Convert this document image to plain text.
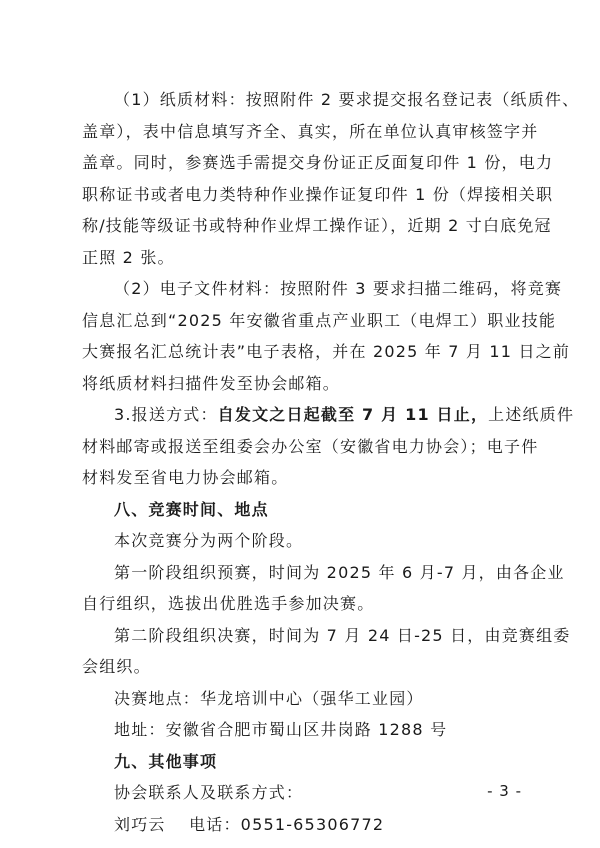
（1）纸质材料：按照附件 2 要求提交报名登记表（纸质件、
盖章），表中信息填写齐全、真实，所在单位认真审核签字并
盖章。同时，参赛选手需提交身份证正反面复印件 1 份，电力
职称证书或者电力类特种作业操作证复印件 1 份（焊接相关职
称/技能等级证书或特种作业焊工操作证），近期 2 寸白底免冠
正照 2 张。
（2）电子文件材料：按照附件 3 要求扫描二维码，将竞赛
信息汇总到“2025 年安徽省重点产业职工（电焊工）职业技能
大赛报名汇总统计表”电子表格，并在 2025 年 7 月 11 日之前
将纸质材料扫描件发至协会邮箱。
3.报送方式：自发文之日起截至 7 月 11 日止，上述纸质件
材料邮寄或报送至组委会办公室（安徽省电力协会）；电子件
材料发至省电力协会邮箱。
八、竞赛时间、地点
本次竞赛分为两个阶段。
第一阶段组织预赛，时间为 2025 年 6 月-7 月，由各企业
自行组织，选拔出优胜选手参加决赛。
第二阶段组织决赛，时间为 7 月 24 日-25 日，由竞赛组委
会组织。
决赛地点：华龙培训中心（强华工业园）
地址：安徽省合肥市蜀山区井岗路 1288 号
- 3 -
九、其他事项
协会联系人及联系方式：
刘巧云　 电话：0551-65306772
